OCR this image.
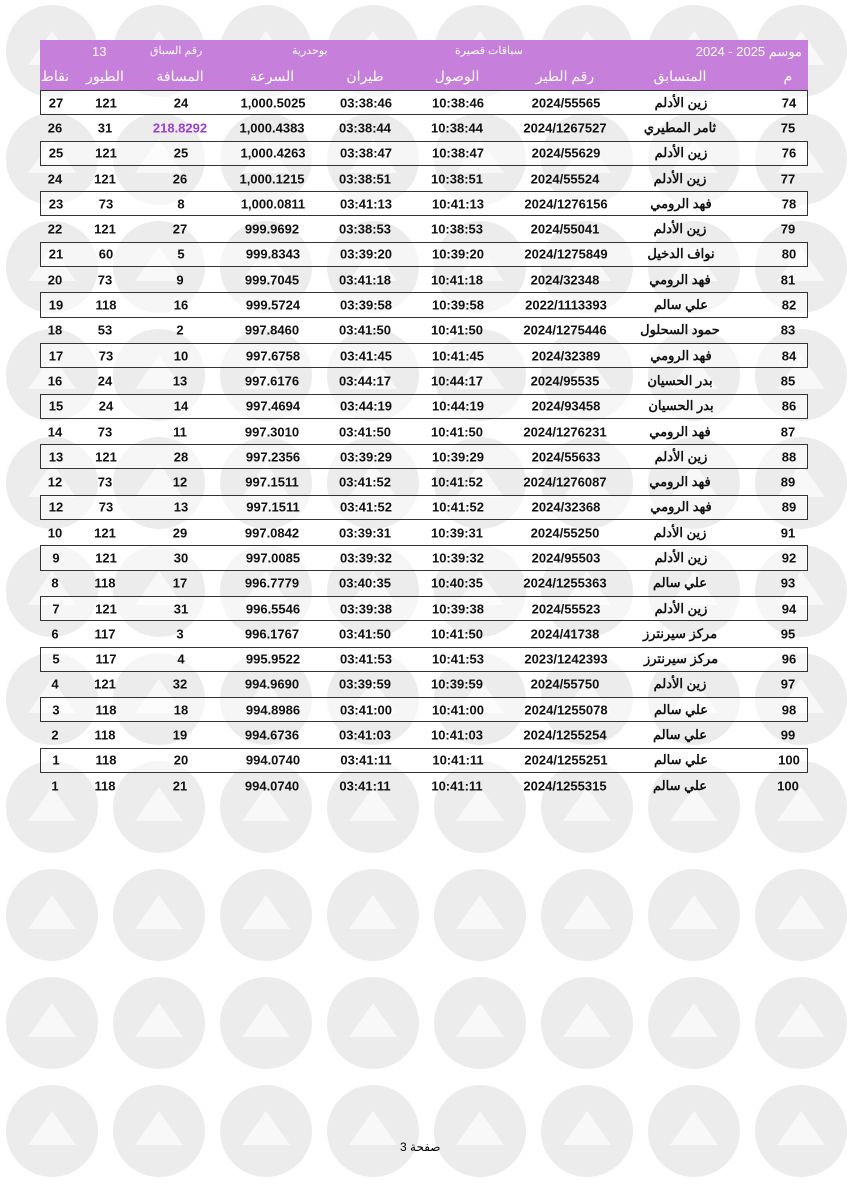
موسم 2025 - 2024
سباقات قصيرة
بوحدرية
رقم السباق
13
م
المتسابق
رقم الطير
الوصول
طيران
السرعة
المسافة
الطيور
نقاط
74
زين الأدلم
2024/55565
10:38:46
03:38:46
1,000.5025
24
121
27
75
ثامر المطيري
2024/1267527
10:38:44
03:38:44
1,000.4383
218.8292
31
26
76
زين الأدلم
2024/55629
10:38:47
03:38:47
1,000.4263
25
121
25
77
زين الأدلم
2024/55524
10:38:51
03:38:51
1,000.1215
26
121
24
78
فهد الرومي
2024/1276156
10:41:13
03:41:13
1,000.0811
8
73
23
79
زين الأدلم
2024/55041
10:38:53
03:38:53
999.9692
27
121
22
80
نواف الدخيل
2024/1275849
10:39:20
03:39:20
999.8343
5
60
21
81
فهد الرومي
2024/32348
10:41:18
03:41:18
999.7045
9
73
20
82
علي سالم
2022/1113393
10:39:58
03:39:58
999.5724
16
118
19
83
حمود السحلول
2024/1275446
10:41:50
03:41:50
997.8460
2
53
18
84
فهد الرومي
2024/32389
10:41:45
03:41:45
997.6758
10
73
17
85
بدر الحسيان
2024/95535
10:44:17
03:44:17
997.6176
13
24
16
86
بدر الحسيان
2024/93458
10:44:19
03:44:19
997.4694
14
24
15
87
فهد الرومي
2024/1276231
10:41:50
03:41:50
997.3010
11
73
14
88
زين الأدلم
2024/55633
10:39:29
03:39:29
997.2356
28
121
13
89
فهد الرومي
2024/1276087
10:41:52
03:41:52
997.1511
12
73
12
89
فهد الرومي
2024/32368
10:41:52
03:41:52
997.1511
13
73
12
91
زين الأدلم
2024/55250
10:39:31
03:39:31
997.0842
29
121
10
92
زين الأدلم
2024/95503
10:39:32
03:39:32
997.0085
30
121
9
93
علي سالم
2024/1255363
10:40:35
03:40:35
996.7779
17
118
8
94
زين الأدلم
2024/55523
10:39:38
03:39:38
996.5546
31
121
7
95
مركز سيرنترز
2024/41738
10:41:50
03:41:50
996.1767
3
117
6
96
مركز سيرنترز
2023/1242393
10:41:53
03:41:53
995.9522
4
117
5
97
زين الأدلم
2024/55750
10:39:59
03:39:59
994.9690
32
121
4
98
علي سالم
2024/1255078
10:41:00
03:41:00
994.8986
18
118
3
99
علي سالم
2024/1255254
10:41:03
03:41:03
994.6736
19
118
2
100
علي سالم
2024/1255251
10:41:11
03:41:11
994.0740
20
118
1
100
علي سالم
2024/1255315
10:41:11
03:41:11
994.0740
21
118
1
صفحة 3
